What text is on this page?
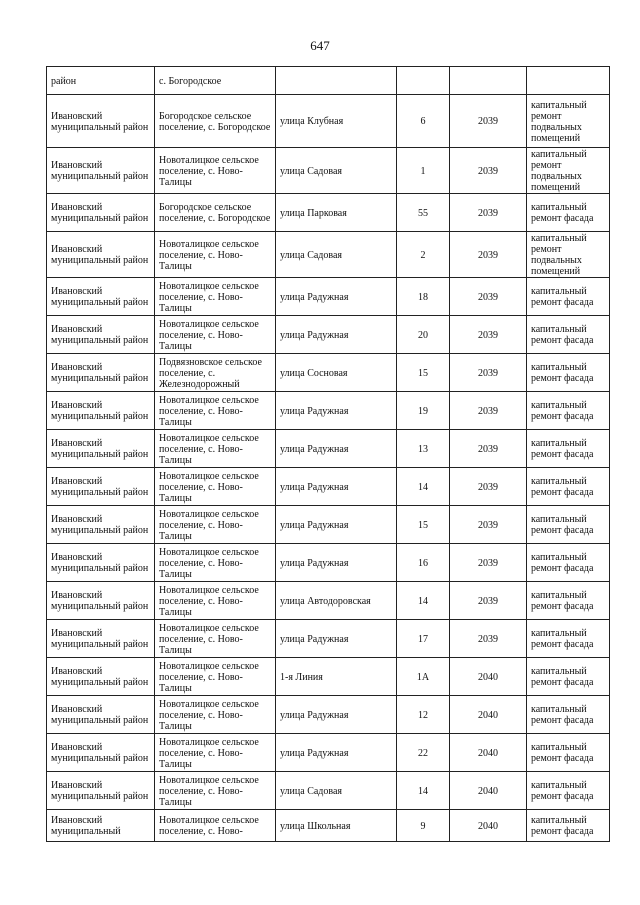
647
район	с. Богородское				
Ивановский муниципальный район	Богородское сельское поселение, с. Богородское	улица Клубная	6	2039	капитальный ремонт подвальных помещений
Ивановский муниципальный район	Новоталицкое сельское поселение, с. Ново-Талицы	улица Садовая	1	2039	капитальный ремонт подвальных помещений
Ивановский муниципальный район	Богородское сельское поселение, с. Богородское	улица Парковая	55	2039	капитальный ремонт фасада
Ивановский муниципальный район	Новоталицкое сельское поселение, с. Ново-Талицы	улица Садовая	2	2039	капитальный ремонт подвальных помещений
Ивановский муниципальный район	Новоталицкое сельское поселение, с. Ново-Талицы	улица Радужная	18	2039	капитальный ремонт фасада
Ивановский муниципальный район	Новоталицкое сельское поселение, с. Ново-Талицы	улица Радужная	20	2039	капитальный ремонт фасада
Ивановский муниципальный район	Подвязновское сельское поселение, с. Железнодорожный	улица Сосновая	15	2039	капитальный ремонт фасада
Ивановский муниципальный район	Новоталицкое сельское поселение, с. Ново-Талицы	улица Радужная	19	2039	капитальный ремонт фасада
Ивановский муниципальный район	Новоталицкое сельское поселение, с. Ново-Талицы	улица Радужная	13	2039	капитальный ремонт фасада
Ивановский муниципальный район	Новоталицкое сельское поселение, с. Ново-Талицы	улица Радужная	14	2039	капитальный ремонт фасада
Ивановский муниципальный район	Новоталицкое сельское поселение, с. Ново-Талицы	улица Радужная	15	2039	капитальный ремонт фасада
Ивановский муниципальный район	Новоталицкое сельское поселение, с. Ново-Талицы	улица Радужная	16	2039	капитальный ремонт фасада
Ивановский муниципальный район	Новоталицкое сельское поселение, с. Ново-Талицы	улица Автодоровская	14	2039	капитальный ремонт фасада
Ивановский муниципальный район	Новоталицкое сельское поселение, с. Ново-Талицы	улица Радужная	17	2039	капитальный ремонт фасада
Ивановский муниципальный район	Новоталицкое сельское поселение, с. Ново-Талицы	1-я Линия	1А	2040	капитальный ремонт фасада
Ивановский муниципальный район	Новоталицкое сельское поселение, с. Ново-Талицы	улица Радужная	12	2040	капитальный ремонт фасада
Ивановский муниципальный район	Новоталицкое сельское поселение, с. Ново-Талицы	улица Радужная	22	2040	капитальный ремонт фасада
Ивановский муниципальный район	Новоталицкое сельское поселение, с. Ново-Талицы	улица Садовая	14	2040	капитальный ремонт фасада
Ивановский муниципальный	Новоталицкое сельское поселение, с. Ново-	улица Школьная	9	2040	капитальный ремонт фасада
